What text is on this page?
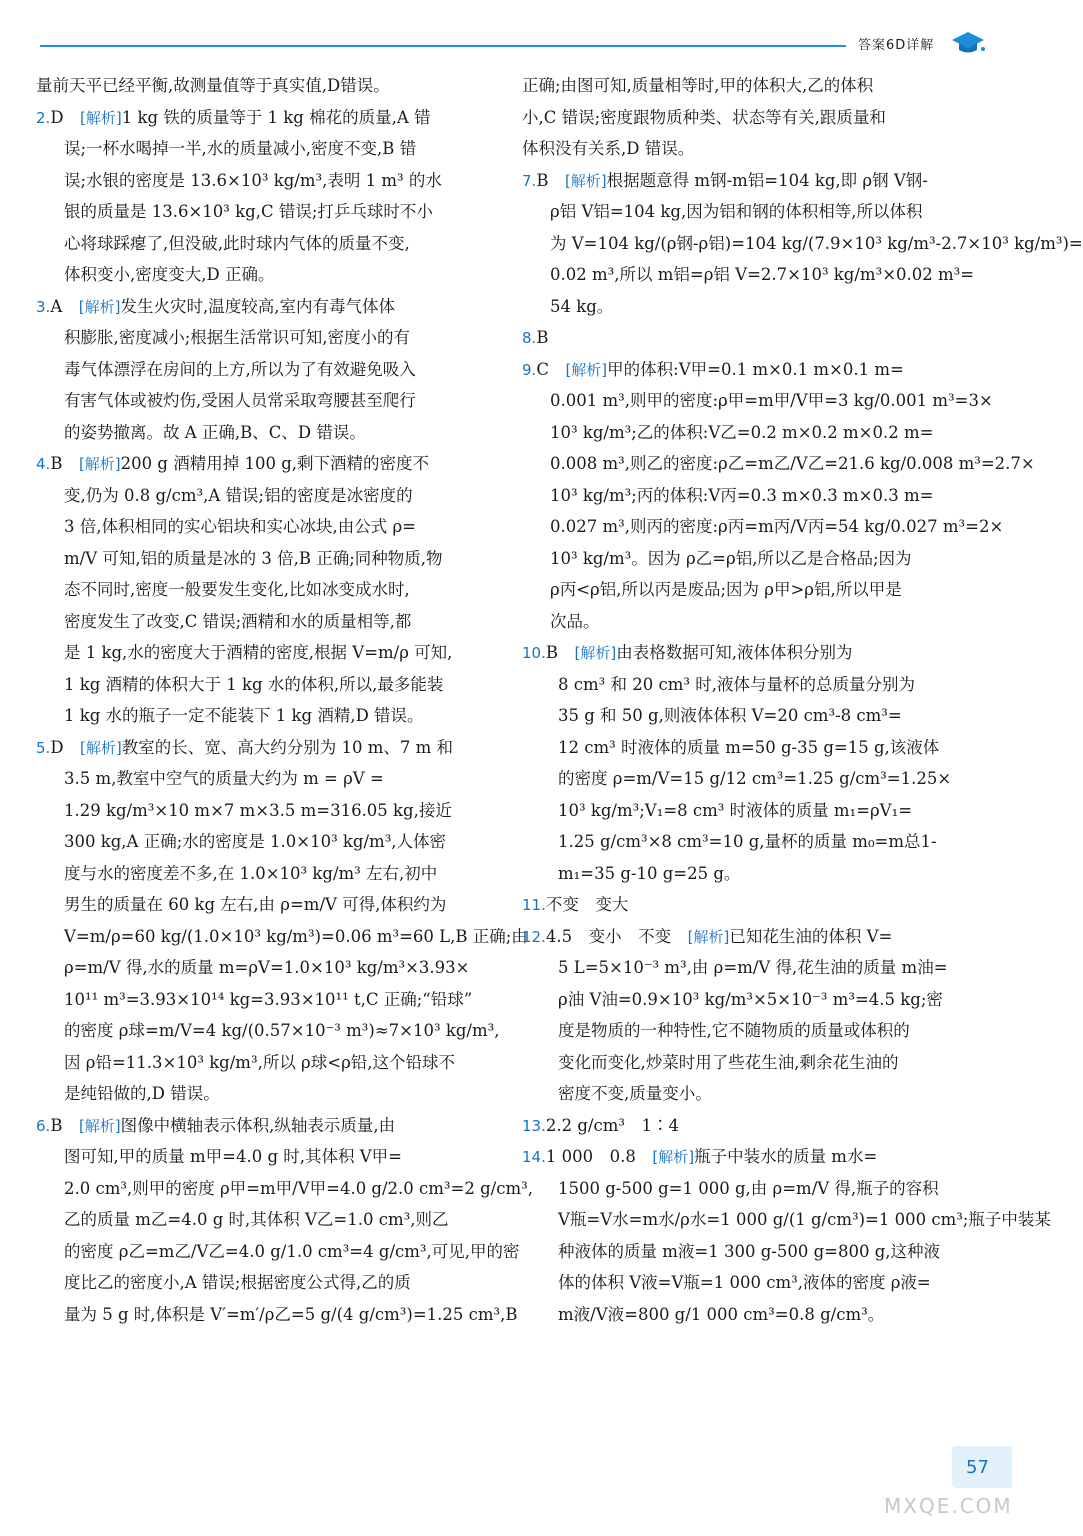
答案6D详解
量前天平已经平衡,故测量值等于真实值,D错误。
2.D　 [解析]1 kg 铁的质量等于 1 kg 棉花的质量,A 错
误;一杯水喝掉一半,水的质量减小,密度不变,B 错
误;水银的密度是 13.6×10³ kg/m³,表明 1 m³ 的水
银的质量是 13.6×10³ kg,C 错误;打乒乓球时不小
心将球踩瘪了,但没破,此时球内气体的质量不变,
体积变小,密度变大,D 正确。
3.A　 [解析]发生火灾时,温度较高,室内有毒气体体
积膨胀,密度减小;根据生活常识可知,密度小的有
毒气体漂浮在房间的上方,所以为了有效避免吸入
有害气体或被灼伤,受困人员常采取弯腰甚至爬行
的姿势撤离。故 A 正确,B、C、D 错误。
4.B　 [解析]200 g 酒精用掉 100 g,剩下酒精的密度不
变,仍为 0.8 g/cm³,A 错误;铝的密度是冰密度的
3 倍,体积相同的实心铝块和实心冰块,由公式 ρ=
m/V 可知,铝的质量是冰的 3 倍,B 正确;同种物质,物
态不同时,密度一般要发生变化,比如冰变成水时,
密度发生了改变,C 错误;酒精和水的质量相等,都
是 1 kg,水的密度大于酒精的密度,根据 V=m/ρ 可知,
1 kg 酒精的体积大于 1 kg 水的体积,所以,最多能装
1 kg 水的瓶子一定不能装下 1 kg 酒精,D 错误。
5.D　 [解析]教室的长、宽、高大约分别为 10 m、7 m 和
3.5 m,教室中空气的质量大约为 m = ρV =
1.29 kg/m³×10 m×7 m×3.5 m=316.05 kg,接近
300 kg,A 正确;水的密度是 1.0×10³ kg/m³,人体密
度与水的密度差不多,在 1.0×10³ kg/m³ 左右,初中
男生的质量在 60 kg 左右,由 ρ=m/V 可得,体积约为
V=m/ρ=60 kg/(1.0×10³ kg/m³)=0.06 m³=60 L,B 正确;由
ρ=m/V 得,水的质量 m=ρV=1.0×10³ kg/m³×3.93×
10¹¹ m³=3.93×10¹⁴ kg=3.93×10¹¹ t,C 正确;“铅球”
的密度 ρ球=m/V=4 kg/(0.57×10⁻³ m³)≈7×10³ kg/m³,
因 ρ铅=11.3×10³ kg/m³,所以 ρ球<ρ铅,这个铅球不
是纯铅做的,D 错误。
6.B　 [解析]图像中横轴表示体积,纵轴表示质量,由
图可知,甲的质量 m甲=4.0 g 时,其体积 V甲=
2.0 cm³,则甲的密度 ρ甲=m甲/V甲=4.0 g/2.0 cm³=2 g/cm³,
乙的质量 m乙=4.0 g 时,其体积 V乙=1.0 cm³,则乙
的密度 ρ乙=m乙/V乙=4.0 g/1.0 cm³=4 g/cm³,可见,甲的密
度比乙的密度小,A 错误;根据密度公式得,乙的质
量为 5 g 时,体积是 V′=m′/ρ乙=5 g/(4 g/cm³)=1.25 cm³,B
正确;由图可知,质量相等时,甲的体积大,乙的体积
小,C 错误;密度跟物质种类、状态等有关,跟质量和
体积没有关系,D 错误。
7.B　 [解析]根据题意得 m钢-m铝=104 kg,即 ρ钢 V钢-
ρ铝 V铝=104 kg,因为铝和钢的体积相等,所以体积
为 V=104 kg/(ρ钢-ρ铝)=104 kg/(7.9×10³ kg/m³-2.7×10³ kg/m³)=
0.02 m³,所以 m铝=ρ铝 V=2.7×10³ kg/m³×0.02 m³=
54 kg。
8.B　
9.C　 [解析]甲的体积:V甲=0.1 m×0.1 m×0.1 m=
0.001 m³,则甲的密度:ρ甲=m甲/V甲=3 kg/0.001 m³=3×
10³ kg/m³;乙的体积:V乙=0.2 m×0.2 m×0.2 m=
0.008 m³,则乙的密度:ρ乙=m乙/V乙=21.6 kg/0.008 m³=2.7×
10³ kg/m³;丙的体积:V丙=0.3 m×0.3 m×0.3 m=
0.027 m³,则丙的密度:ρ丙=m丙/V丙=54 kg/0.027 m³=2×
10³ kg/m³。因为 ρ乙=ρ铝,所以乙是合格品;因为
ρ丙<ρ铝,所以丙是废品;因为 ρ甲>ρ铝,所以甲是
次品。
10.B　 [解析]由表格数据可知,液体体积分别为
8 cm³ 和 20 cm³ 时,液体与量杯的总质量分别为
35 g 和 50 g,则液体体积 V=20 cm³-8 cm³=
12 cm³ 时液体的质量 m=50 g-35 g=15 g,该液体
的密度 ρ=m/V=15 g/12 cm³=1.25 g/cm³=1.25×
10³ kg/m³;V₁=8 cm³ 时液体的质量 m₁=ρV₁=
1.25 g/cm³×8 cm³=10 g,量杯的质量 m₀=m总1-
m₁=35 g-10 g=25 g。
11.不变　变大　
12.4.5　变小　不变　 [解析]已知花生油的体积 V=
5 L=5×10⁻³ m³,由 ρ=m/V 得,花生油的质量 m油=
ρ油 V油=0.9×10³ kg/m³×5×10⁻³ m³=4.5 kg;密
度是物质的一种特性,它不随物质的质量或体积的
变化而变化,炒菜时用了些花生油,剩余花生油的
密度不变,质量变小。
13.2.2 g/cm³　1∶4　
14.1 000　0.8　 [解析]瓶子中装水的质量 m水=
1500 g-500 g=1 000 g,由 ρ=m/V 得,瓶子的容积
V瓶=V水=m水/ρ水=1 000 g/(1 g/cm³)=1 000 cm³;瓶子中装某
种液体的质量 m液=1 300 g-500 g=800 g,这种液
体的体积 V液=V瓶=1 000 cm³,液体的密度 ρ液=
m液/V液=800 g/1 000 cm³=0.8 g/cm³。
57
MXQE.COM
